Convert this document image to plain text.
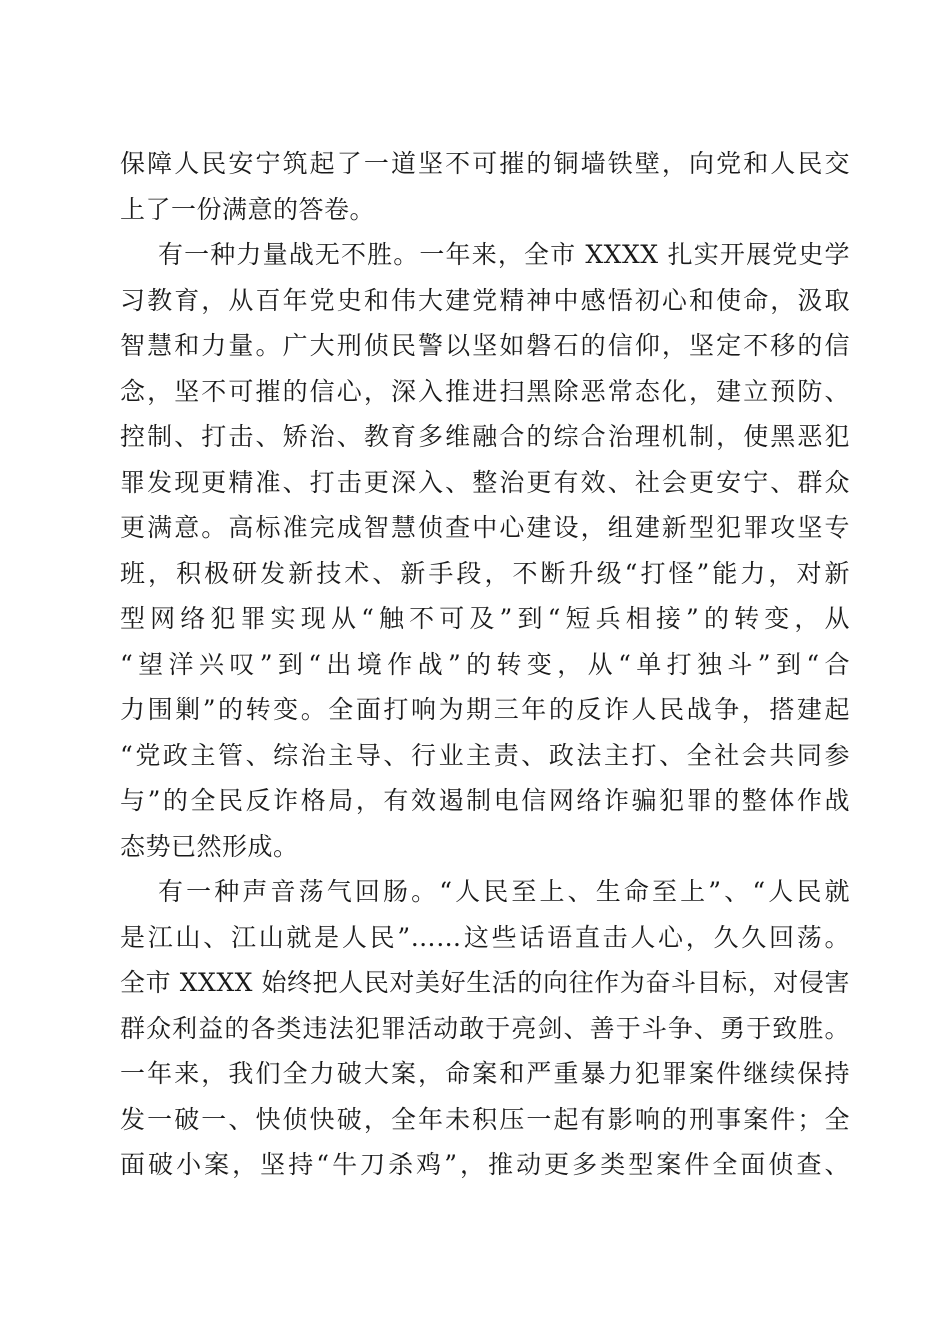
保障人民安宁筑起了一道坚不可摧的铜墙铁壁，向党和人民交
上了一份满意的答卷。
有一种力量战无不胜。一年来，全市 XXXX 扎实开展党史学
习教育，从百年党史和伟大建党精神中感悟初心和使命，汲取
智慧和力量。广大刑侦民警以坚如磐石的信仰，坚定不移的信
念，坚不可摧的信心，深入推进扫黑除恶常态化，建立预防、
控制、打击、矫治、教育多维融合的综合治理机制，使黑恶犯
罪发现更精准、打击更深入、整治更有效、社会更安宁、群众
更满意。高标准完成智慧侦查中心建设，组建新型犯罪攻坚专
班，积极研发新技术、新手段，不断升级“打怪”能力，对新
型网络犯罪实现从“触不可及”到“短兵相接”的转变，从
“望洋兴叹”到“出境作战”的转变，从“单打独斗”到“合
力围剿”的转变。全面打响为期三年的反诈人民战争，搭建起
“党政主管、综治主导、行业主责、政法主打、全社会共同参
与”的全民反诈格局，有效遏制电信网络诈骗犯罪的整体作战
态势已然形成。
有一种声音荡气回肠。“人民至上、生命至上”、“人民就
是江山、江山就是人民”……这些话语直击人心，久久回荡。
全市 XXXX 始终把人民对美好生活的向往作为奋斗目标，对侵害
群众利益的各类违法犯罪活动敢于亮剑、善于斗争、勇于致胜。
一年来，我们全力破大案，命案和严重暴力犯罪案件继续保持
发一破一、快侦快破，全年未积压一起有影响的刑事案件；全
面破小案，坚持“牛刀杀鸡”，推动更多类型案件全面侦查、
